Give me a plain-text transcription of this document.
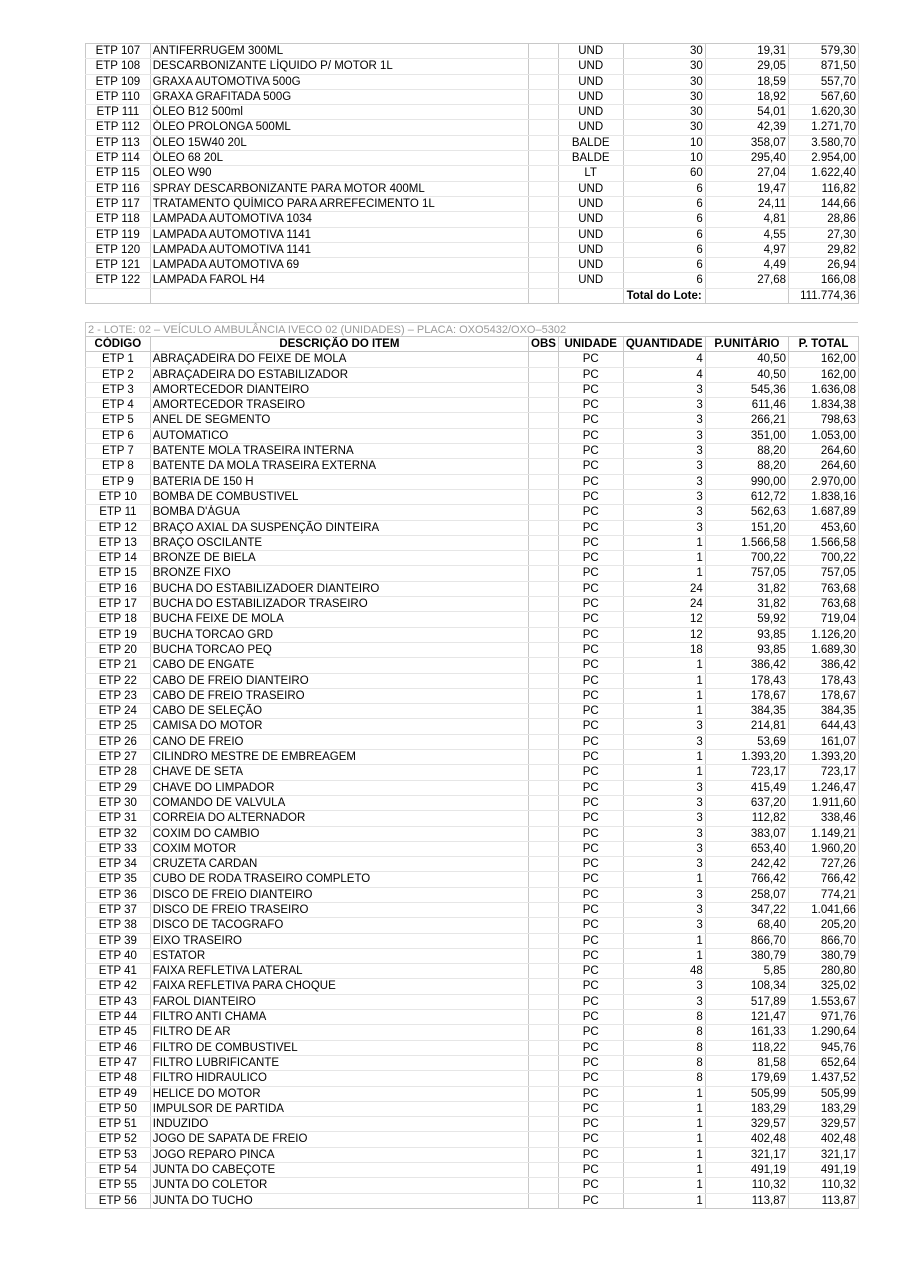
ETP 107	ANTIFERRUGEM 300ML		UND	30	19,31	579,30
ETP 108	DESCARBONIZANTE LÍQUIDO P/ MOTOR 1L		UND	30	29,05	871,50
ETP 109	GRAXA AUTOMOTIVA 500G		UND	30	18,59	557,70
ETP 110	GRAXA GRAFITADA 500G		UND	30	18,92	567,60
ETP 111	ÓLEO B12 500ml		UND	30	54,01	1.620,30
ETP 112	ÓLEO PROLONGA 500ML		UND	30	42,39	1.271,70
ETP 113	ÓLEO 15W40 20L		BALDE	10	358,07	3.580,70
ETP 114	ÓLEO 68 20L		BALDE	10	295,40	2.954,00
ETP 115	OLEO W90		LT	60	27,04	1.622,40
ETP 116	SPRAY DESCARBONIZANTE PARA MOTOR 400ML		UND	6	19,47	116,82
ETP 117	TRATAMENTO QUÍMICO PARA ARREFECIMENTO 1L		UND	6	24,11	144,66
ETP 118	LAMPADA AUTOMOTIVA 1034		UND	6	4,81	28,86
ETP 119	LAMPADA AUTOMOTIVA 1141		UND	6	4,55	27,30
ETP 120	LAMPADA AUTOMOTIVA 1141		UND	6	4,97	29,82
ETP 121	LAMPADA AUTOMOTIVA 69		UND	6	4,49	26,94
ETP 122	LAMPADA FAROL H4		UND	6	27,68	166,08
				Total do Lote:		111.774,36
2 - LOTE: 02 – VEÍCULO AMBULÂNCIA IVECO 02 (UNIDADES) – PLACA: OXO5432/OXO–5302
CÓDIGO	DESCRIÇÃO DO ITEM	OBS	UNIDADE	QUANTIDADE	P.UNITÁRIO	P. TOTAL
ETP 1	ABRAÇADEIRA DO FEIXE DE MOLA		PC	4	40,50	162,00
ETP 2	ABRAÇADEIRA DO ESTABILIZADOR		PC	4	40,50	162,00
ETP 3	AMORTECEDOR DIANTEIRO		PC	3	545,36	1.636,08
ETP 4	AMORTECEDOR TRASEIRO		PC	3	611,46	1.834,38
ETP 5	ANEL DE SEGMENTO		PC	3	266,21	798,63
ETP 6	AUTOMATICO		PC	3	351,00	1.053,00
ETP 7	BATENTE MOLA TRASEIRA INTERNA		PC	3	88,20	264,60
ETP 8	BATENTE DA MOLA TRASEIRA EXTERNA		PC	3	88,20	264,60
ETP 9	BATERIA DE 150 H		PC	3	990,00	2.970,00
ETP 10	BOMBA DE COMBUSTIVEL		PC	3	612,72	1.838,16
ETP 11	BOMBA D'ÁGUA		PC	3	562,63	1.687,89
ETP 12	BRAÇO AXIAL DA SUSPENÇÃO DINTEIRA		PC	3	151,20	453,60
ETP 13	BRAÇO OSCILANTE		PC	1	1.566,58	1.566,58
ETP 14	BRONZE DE BIELA		PC	1	700,22	700,22
ETP 15	BRONZE FIXO		PC	1	757,05	757,05
ETP 16	BUCHA DO ESTABILIZADOER DIANTEIRO		PC	24	31,82	763,68
ETP 17	BUCHA DO ESTABILIZADOR TRASEIRO		PC	24	31,82	763,68
ETP 18	BUCHA FEIXE DE MOLA		PC	12	59,92	719,04
ETP 19	BUCHA TORCAO GRD		PC	12	93,85	1.126,20
ETP 20	BUCHA TORCAO PEQ		PC	18	93,85	1.689,30
ETP 21	CABO DE ENGATE		PC	1	386,42	386,42
ETP 22	CABO DE FREIO DIANTEIRO		PC	1	178,43	178,43
ETP 23	CABO DE FREIO TRASEIRO		PC	1	178,67	178,67
ETP 24	CABO DE SELEÇÃO		PC	1	384,35	384,35
ETP 25	CAMISA DO MOTOR		PC	3	214,81	644,43
ETP 26	CANO DE FREIO		PC	3	53,69	161,07
ETP 27	CILINDRO MESTRE DE EMBREAGEM		PC	1	1.393,20	1.393,20
ETP 28	CHAVE DE SETA		PC	1	723,17	723,17
ETP 29	CHAVE DO LIMPADOR		PC	3	415,49	1.246,47
ETP 30	COMANDO DE VALVULA		PC	3	637,20	1.911,60
ETP 31	CORREIA DO ALTERNADOR		PC	3	112,82	338,46
ETP 32	COXIM DO CAMBIO		PC	3	383,07	1.149,21
ETP 33	COXIM MOTOR		PC	3	653,40	1.960,20
ETP 34	CRUZETA CARDAN		PC	3	242,42	727,26
ETP 35	CUBO DE RODA TRASEIRO COMPLETO		PC	1	766,42	766,42
ETP 36	DISCO DE FREIO DIANTEIRO		PC	3	258,07	774,21
ETP 37	DISCO DE FREIO TRASEIRO		PC	3	347,22	1.041,66
ETP 38	DISCO DE TACOGRAFO		PC	3	68,40	205,20
ETP 39	EIXO TRASEIRO		PC	1	866,70	866,70
ETP 40	ESTATOR		PC	1	380,79	380,79
ETP 41	FAIXA REFLETIVA LATERAL		PC	48	5,85	280,80
ETP 42	FAIXA REFLETIVA PARA CHOQUE		PC	3	108,34	325,02
ETP 43	FAROL DIANTEIRO		PC	3	517,89	1.553,67
ETP 44	FILTRO ANTI CHAMA		PC	8	121,47	971,76
ETP 45	FILTRO DE AR		PC	8	161,33	1.290,64
ETP 46	FILTRO DE COMBUSTIVEL		PC	8	118,22	945,76
ETP 47	FILTRO LUBRIFICANTE		PC	8	81,58	652,64
ETP 48	FILTRO HIDRAULICO		PC	8	179,69	1.437,52
ETP 49	HELICE DO MOTOR		PC	1	505,99	505,99
ETP 50	IMPULSOR DE PARTIDA		PC	1	183,29	183,29
ETP 51	INDUZIDO		PC	1	329,57	329,57
ETP 52	JOGO DE SAPATA DE FREIO		PC	1	402,48	402,48
ETP 53	JOGO REPARO PINCA		PC	1	321,17	321,17
ETP 54	JUNTA DO CABEÇOTE		PC	1	491,19	491,19
ETP 55	JUNTA DO COLETOR		PC	1	110,32	110,32
ETP 56	JUNTA DO TUCHO		PC	1	113,87	113,87
